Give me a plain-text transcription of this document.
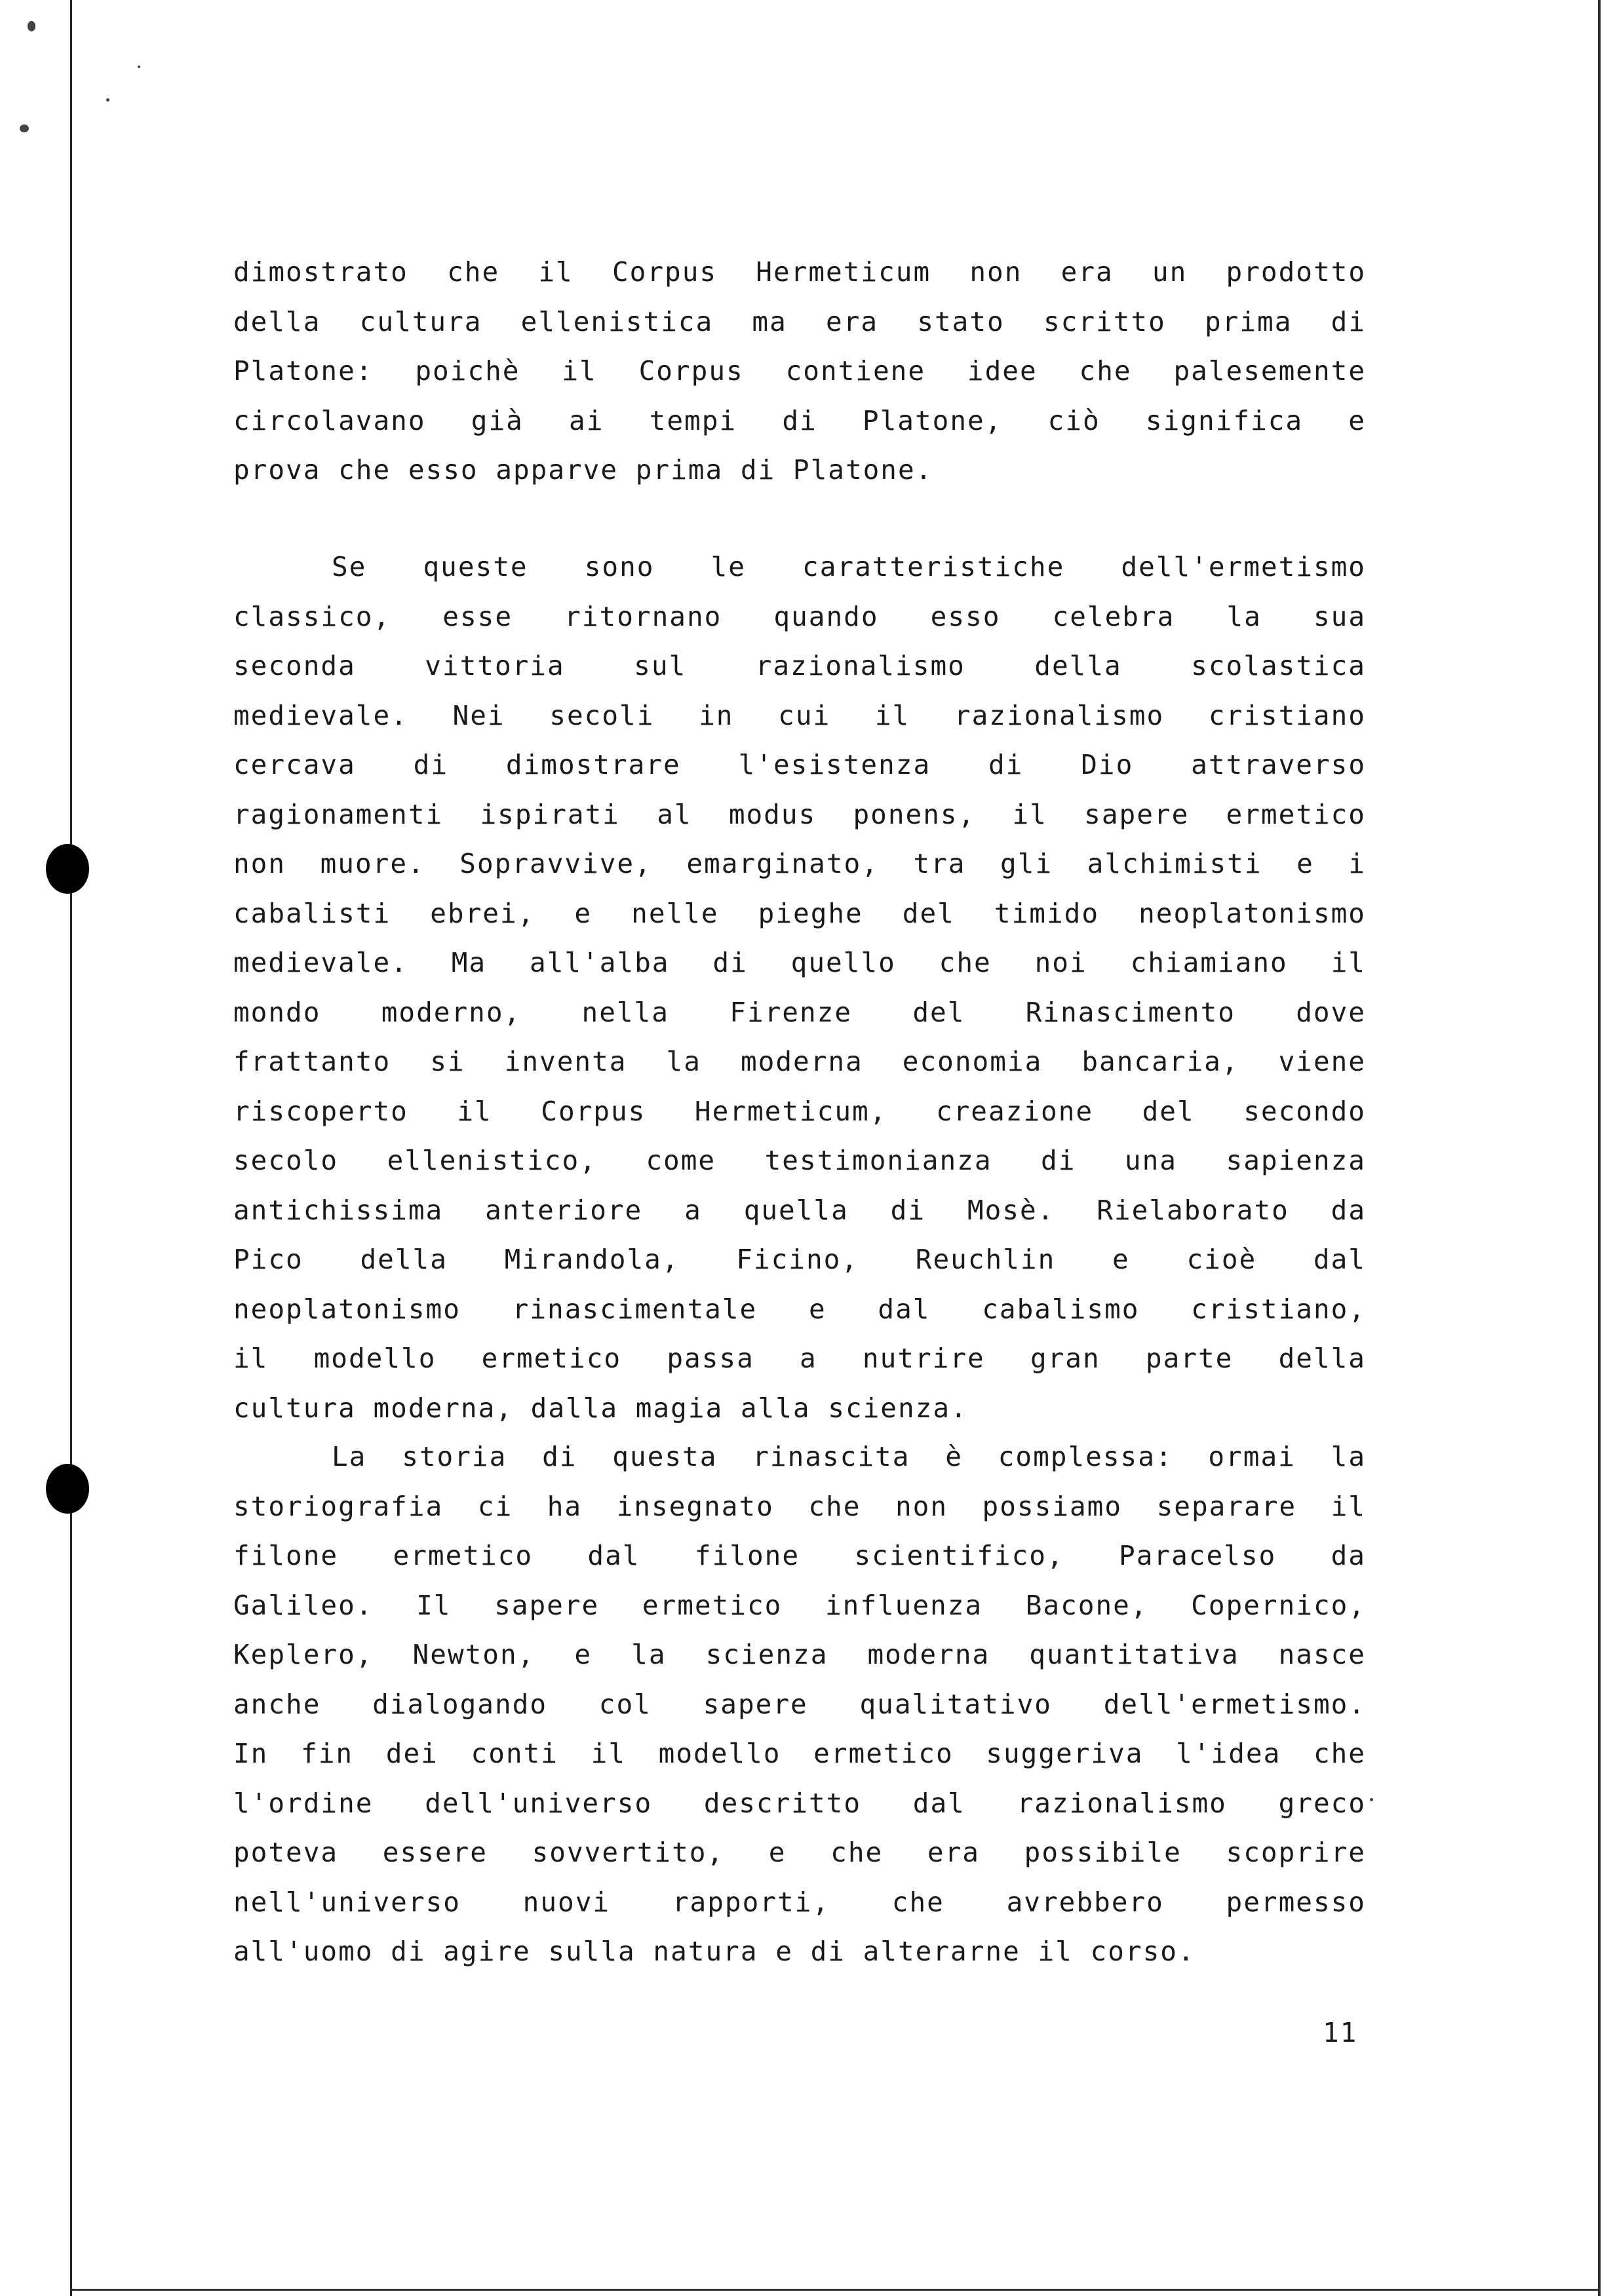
dimostrato che il Corpus Hermeticum non era un prodotto
della cultura ellenistica ma era stato scritto prima di
Platone: poichè il Corpus contiene idee che palesemente
circolavano già ai tempi di Platone, ciò significa e
prova che esso apparve prima di Platone.
Se queste sono le caratteristiche dell'ermetismo
classico, esse ritornano quando esso celebra la sua
seconda vittoria sul razionalismo della scolastica
medievale. Nei secoli in cui il razionalismo cristiano
cercava di dimostrare l'esistenza di Dio attraverso
ragionamenti ispirati al modus ponens, il sapere ermetico
non muore. Sopravvive, emarginato, tra gli alchimisti e i
cabalisti ebrei, e nelle pieghe del timido neoplatonismo
medievale. Ma all'alba di quello che noi chiamiano il
mondo moderno, nella Firenze del Rinascimento dove
frattanto si inventa la moderna economia bancaria, viene
riscoperto il Corpus Hermeticum, creazione del secondo
secolo ellenistico, come testimonianza di una sapienza
antichissima anteriore a quella di Mosè. Rielaborato da
Pico della Mirandola, Ficino, Reuchlin e cioè dal
neoplatonismo rinascimentale e dal cabalismo cristiano,
il modello ermetico passa a nutrire gran parte della
cultura moderna, dalla magia alla scienza.
La storia di questa rinascita è complessa: ormai la
storiografia ci ha insegnato che non possiamo separare il
filone ermetico dal filone scientifico, Paracelso da
Galileo. Il sapere ermetico influenza Bacone, Copernico,
Keplero, Newton, e la scienza moderna quantitativa nasce
anche dialogando col sapere qualitativo dell'ermetismo.
In fin dei conti il modello ermetico suggeriva l'idea che
l'ordine dell'universo descritto dal razionalismo greco
poteva essere sovvertito, e che era possibile scoprire
nell'universo nuovi rapporti, che avrebbero permesso
all'uomo di agire sulla natura e di alterarne il corso.
11
